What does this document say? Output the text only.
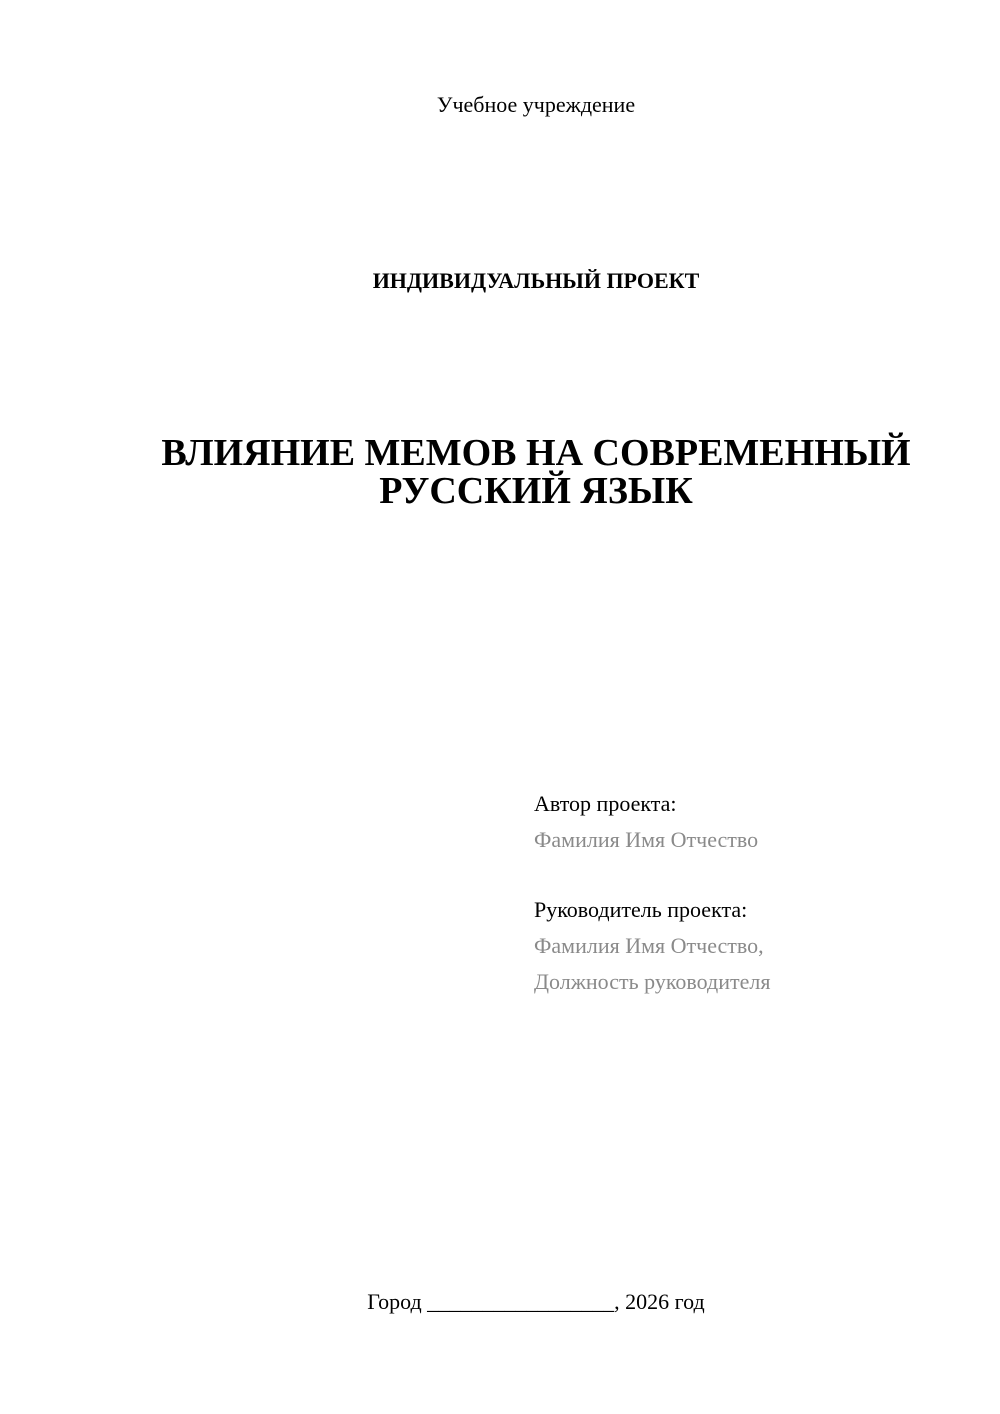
Учебное учреждение
ИНДИВИДУАЛЬНЫЙ ПРОЕКТ
ВЛИЯНИЕ МЕМОВ НА СОВРЕМЕННЫЙ
РУССКИЙ ЯЗЫК
Автор проекта:
Фамилия Имя Отчество
Руководитель проекта:
Фамилия Имя Отчество,
Должность руководителя
Город _________________, 2026 год
